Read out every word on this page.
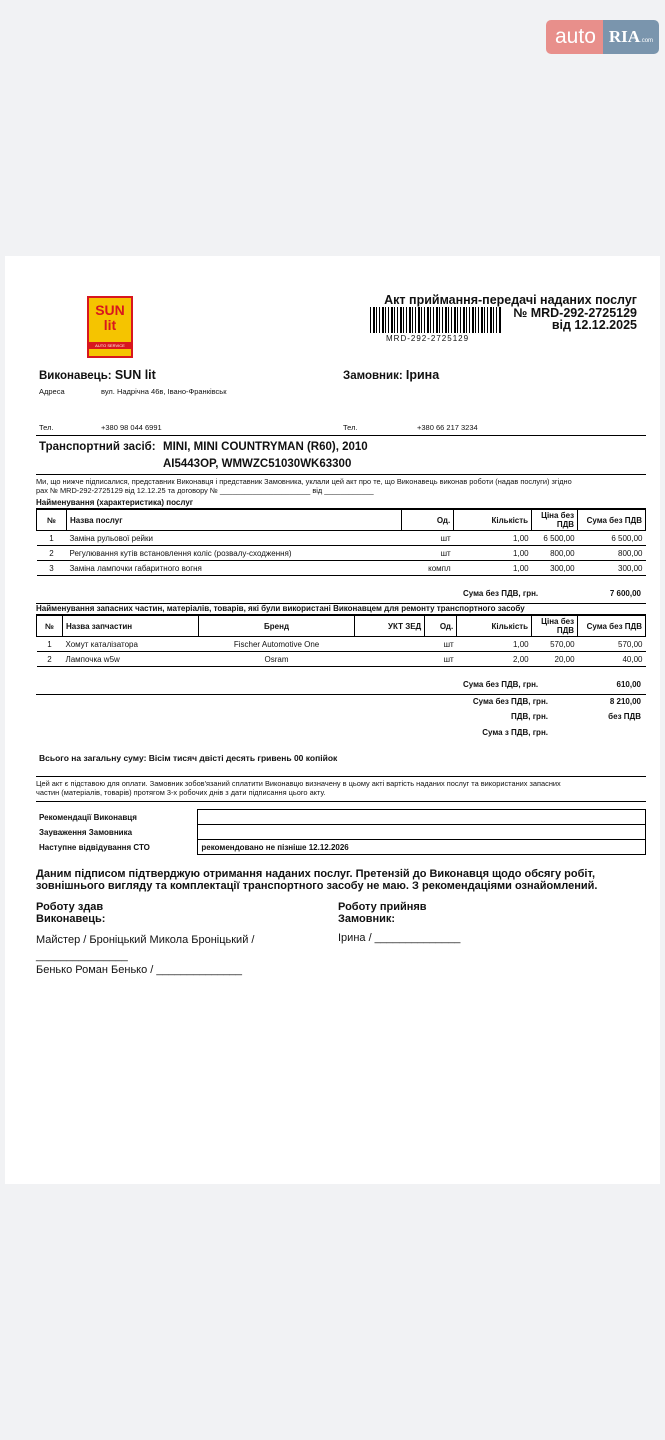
auto RIA.com
SUN
lit
AUTO SERVICE
Акт приймання-передачі наданих послуг
№ MRD-292-2725129
від 12.12.2025
MRD-292-2725129
Виконавець: SUN lit
Адреса	вул. Надрічна 46в, Івано-Франківськ
Замовник: Ірина
Тел.	+380 98 044 6991	Тел.	+380 66 217 3234
Транспортний засіб: MINI, MINI COUNTRYMAN (R60), 2010
AI5443OP, WMWZC51030WK63300
Ми, що нижче підписалися, представник Виконавця і представник Замовника, уклали цей акт про те, що Виконавець виконав роботи (надав послуги) згідно
рах № MRD-292-2725129 від 12.12.25 та договору № ______________________ від ____________
Найменування (характеристика) послуг
№	Назва послуг	Од.	Кількість	Ціна без ПДВ	Сума без ПДВ
1	Заміна рульової рейки	шт	1,00	6 500,00	6 500,00
2	Регулювання кутів встановлення коліс (розвалу-сходження)	шт	1,00	800,00	800,00
3	Заміна лампочки габаритного вогня	компл	1,00	300,00	300,00
Сума без ПДВ, грн.	7 600,00
Найменування запасних частин, матеріалів, товарів, які були використані Виконавцем для ремонту транспортного засобу
№	Назва запчастин	Бренд	УКТ ЗЕД	Од.	Кількість	Ціна без ПДВ	Сума без ПДВ
1	Хомут каталізатора	Fischer Automotive One		шт	1,00	570,00	570,00
2	Лампочка w5w	Osram		шт	2,00	20,00	40,00
Сума без ПДВ, грн.	610,00
Сума без ПДВ, грн.	8 210,00
ПДВ, грн.	без ПДВ
Сума з ПДВ, грн.
Всього на загальну суму: Вісім тисяч двісті десять гривень 00 копійок
Цей акт є підставою для оплати. Замовник зобов'язаний сплатити Виконавцю визначену в цьому акті вартість наданих послуг та використаних запасних
частин (матеріалів, товарів) протягом 3-х робочих днів з дати підписання цього акту.
Рекомендації Виконавця	
Зауваження Замовника	
Наступне відвідування СТО	рекомендовано не пізніше 12.12.2026
Даним підписом підтверджую отримання наданих послуг. Претензій до Виконавця щодо обсягу робіт,
зовнішнього вигляду та комплектації транспортного засобу не маю. З рекомендаціями ознайомлений.
Роботу здав
Виконавець:
Роботу прийняв
Замовник:
Майстер / Броніцький Микола Броніцький /
_______________
Бенько Роман Бенько / ______________
Ірина / ______________
